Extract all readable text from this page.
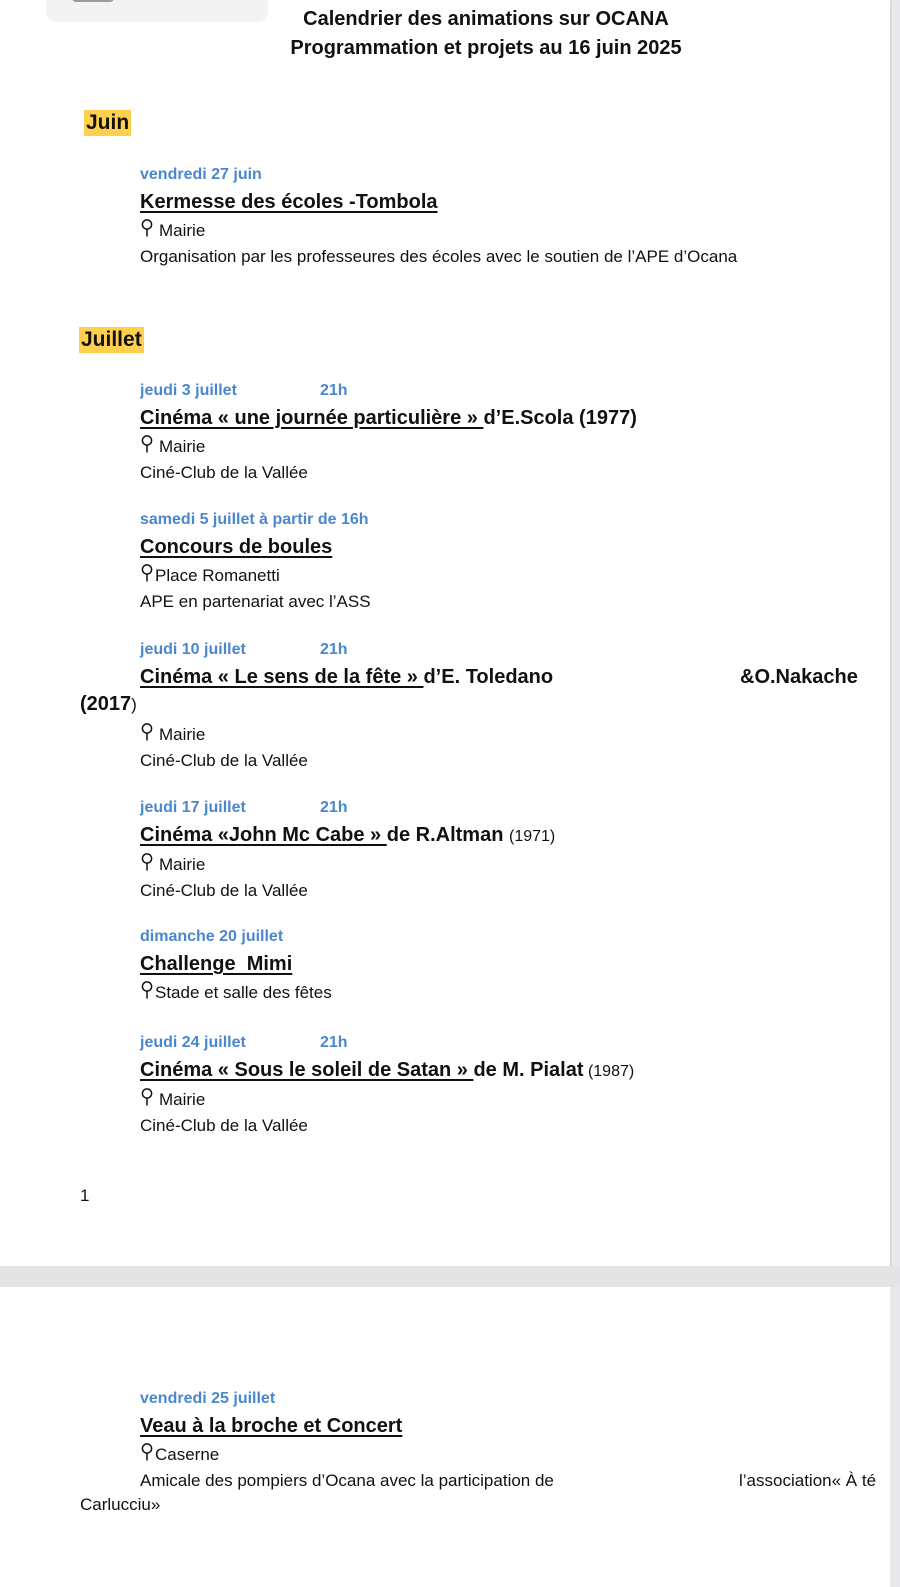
Calendrier des animations sur OCANA
Programmation et projets au 16 juin 2025
Juin
vendredi 27 juin
Kermesse des écoles -Tombola
Mairie
Organisation par les professeures des écoles avec le soutien de l’APE d’Ocana
Juillet
jeudi 3 juillet	21h
Cinéma « une journée particulière » d’E.Scola (1977)
Mairie
Ciné-Club de la Vallée
samedi 5 juillet à partir de 16h
Concours de boules
Place Romanetti
APE en partenariat avec l’ASS
jeudi 10 juillet	21h
Cinéma « Le sens de la fête » d’E. Toledano	&O.Nakache
Mairie
Ciné-Club de la Vallée
(2017)
jeudi 17 juillet	21h
Cinéma «John Mc Cabe » de R.Altman (1971)
Mairie
Ciné-Club de la Vallée
dimanche 20 juillet
Challenge  Mimi
Stade et salle des fêtes
jeudi 24 juillet	21h
Cinéma « Sous le soleil de Satan » de M. Pialat (1987)
Mairie
Ciné-Club de la Vallée
1
vendredi 25 juillet
Veau à la broche et Concert
Caserne
Amicale des pompiers d’Ocana avec la participation de	l’association« À té
Carlucciu»
